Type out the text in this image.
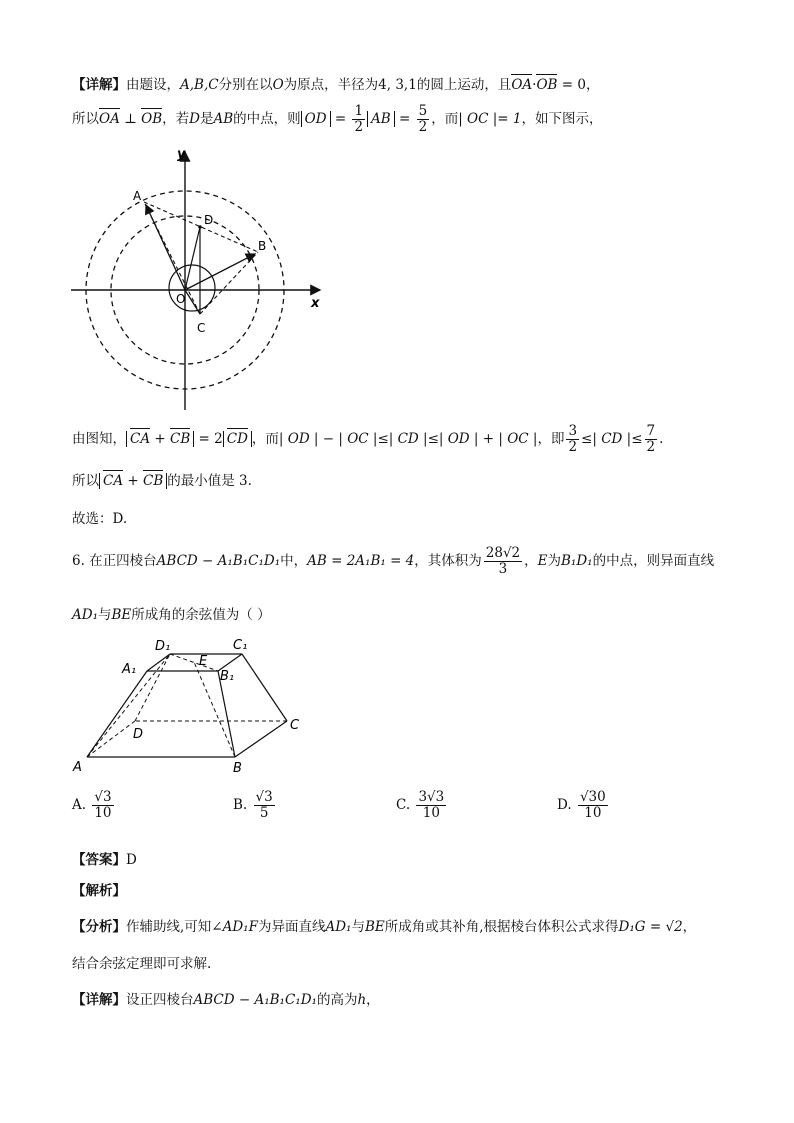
【详解】由题设，A,B,C分别在以O为原点，半径为4, 3,1的圆上运动，且OA·OB = 0，
所以OA ⊥ OB，若D是AB的中点，则 OD = $\frac{1}{2}$ AB = $\frac{5}{2}$ ，而| OC |= 1，如下图示，
y
x
A
D
B
O
C
由图知， CA + CB = 2 CD ，而| OD | − | OC |≤| CD |≤| OD | + | OC |，即 $\frac{3}{2}$ ≤| CD |≤ $\frac{7}{2}$ .
所以 CA + CB 的最小值是 3.
故选：D.
6. 在正四棱台ABCD − A₁B₁C₁D₁中，AB = 2A₁B₁ = 4，其体积为 $\frac{28√2}{3}$ ，E为B₁D₁的中点，则异面直线
AD₁与BE所成角的余弦值为（ ）
D₁	C₁
E
A₁	B₁
C
D
A	B
A. $\frac{√3}{10}$	B. $\frac{√3}{5}$	C. $\frac{3√3}{10}$	D. $\frac{√30}{10}$
【答案】D
【解析】
【分析】作辅助线,可知∠AD₁F为异面直线AD₁与BE所成角或其补角,根据棱台体积公式求得D₁G = √2，
结合余弦定理即可求解.
【详解】设正四棱台ABCD − A₁B₁C₁D₁的高为h，
